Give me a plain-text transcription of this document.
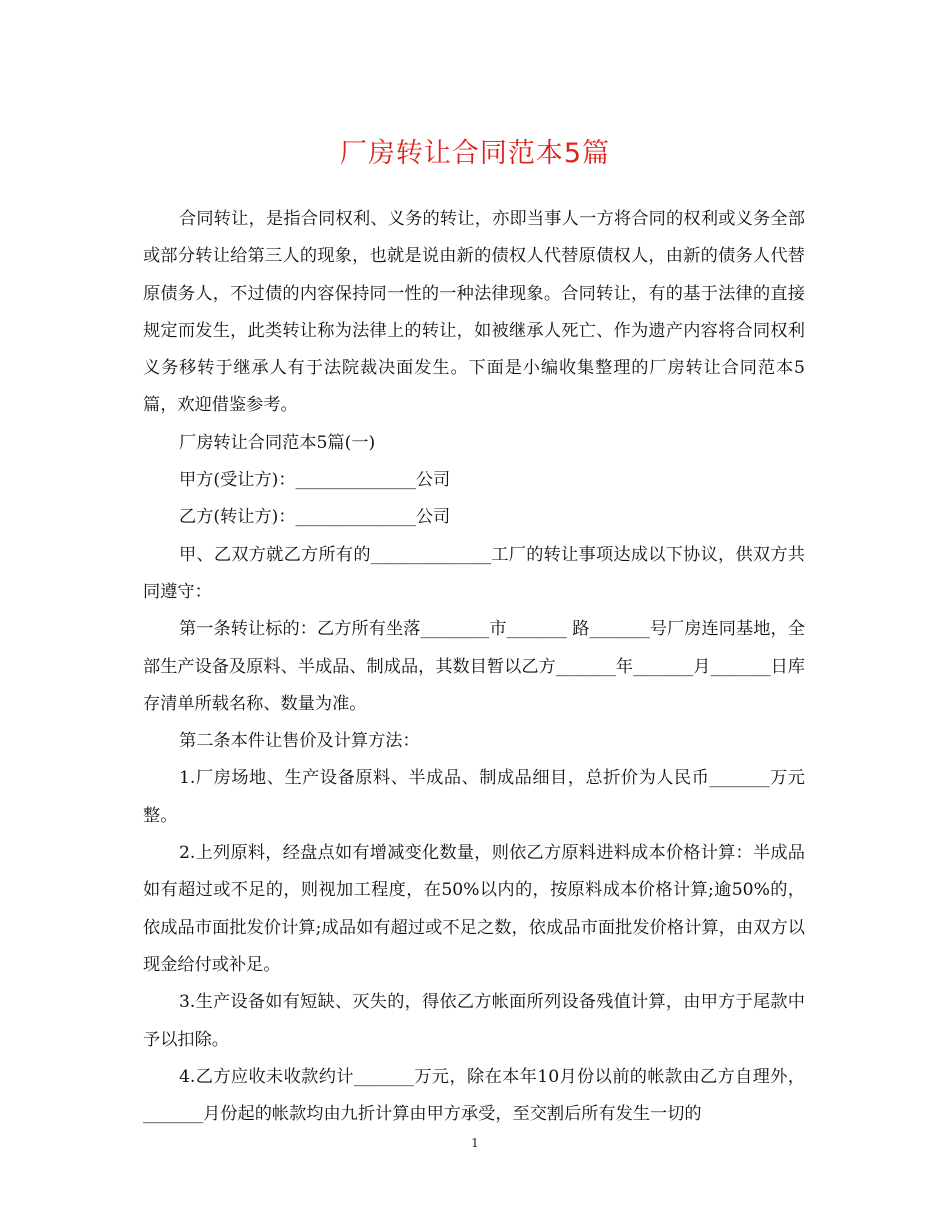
厂房转让合同范本5篇

合同转让，是指合同权利、义务的转让，亦即当事人一方将合同的权利或义务全部或部分转让给第三人的现象，也就是说由新的债权人代替原债权人，由新的债务人代替原债务人，不过债的内容保持同一性的一种法律现象。合同转让，有的基于法律的直接规定而发生，此类转让称为法律上的转让，如被继承人死亡、作为遗产内容将合同权利义务移转于继承人有于法院裁决面发生。下面是小编收集整理的厂房转让合同范本5篇，欢迎借鉴参考。

厂房转让合同范本5篇(一)

甲方(受让方)：______________公司

乙方(转让方)：______________公司

甲、乙双方就乙方所有的______________工厂的转让事项达成以下协议，供双方共同遵守：

第一条转让标的：乙方所有坐落________市_______ 路_______号厂房连同基地，全部生产设备及原料、半成品、制成品，其数目暂以乙方_______年_______月_______日库存清单所载名称、数量为准。

第二条本件让售价及计算方法：

1.厂房场地、生产设备原料、半成品、制成品细目，总折价为人民币_______万元整。

2.上列原料，经盘点如有增减变化数量，则依乙方原料进料成本价格计算：半成品如有超过或不足的，则视加工程度，在50%以内的，按原料成本价格计算;逾50%的，依成品市面批发价计算;成品如有超过或不足之数，依成品市面批发价格计算，由双方以现金给付或补足。

3.生产设备如有短缺、灭失的，得依乙方帐面所列设备残值计算，由甲方于尾款中予以扣除。

4.乙方应收未收款约计_______万元，除在本年10月份以前的帐款由乙方自理外，_______月份起的帐款均由九折计算由甲方承受，至交割后所有发生一切的

1
